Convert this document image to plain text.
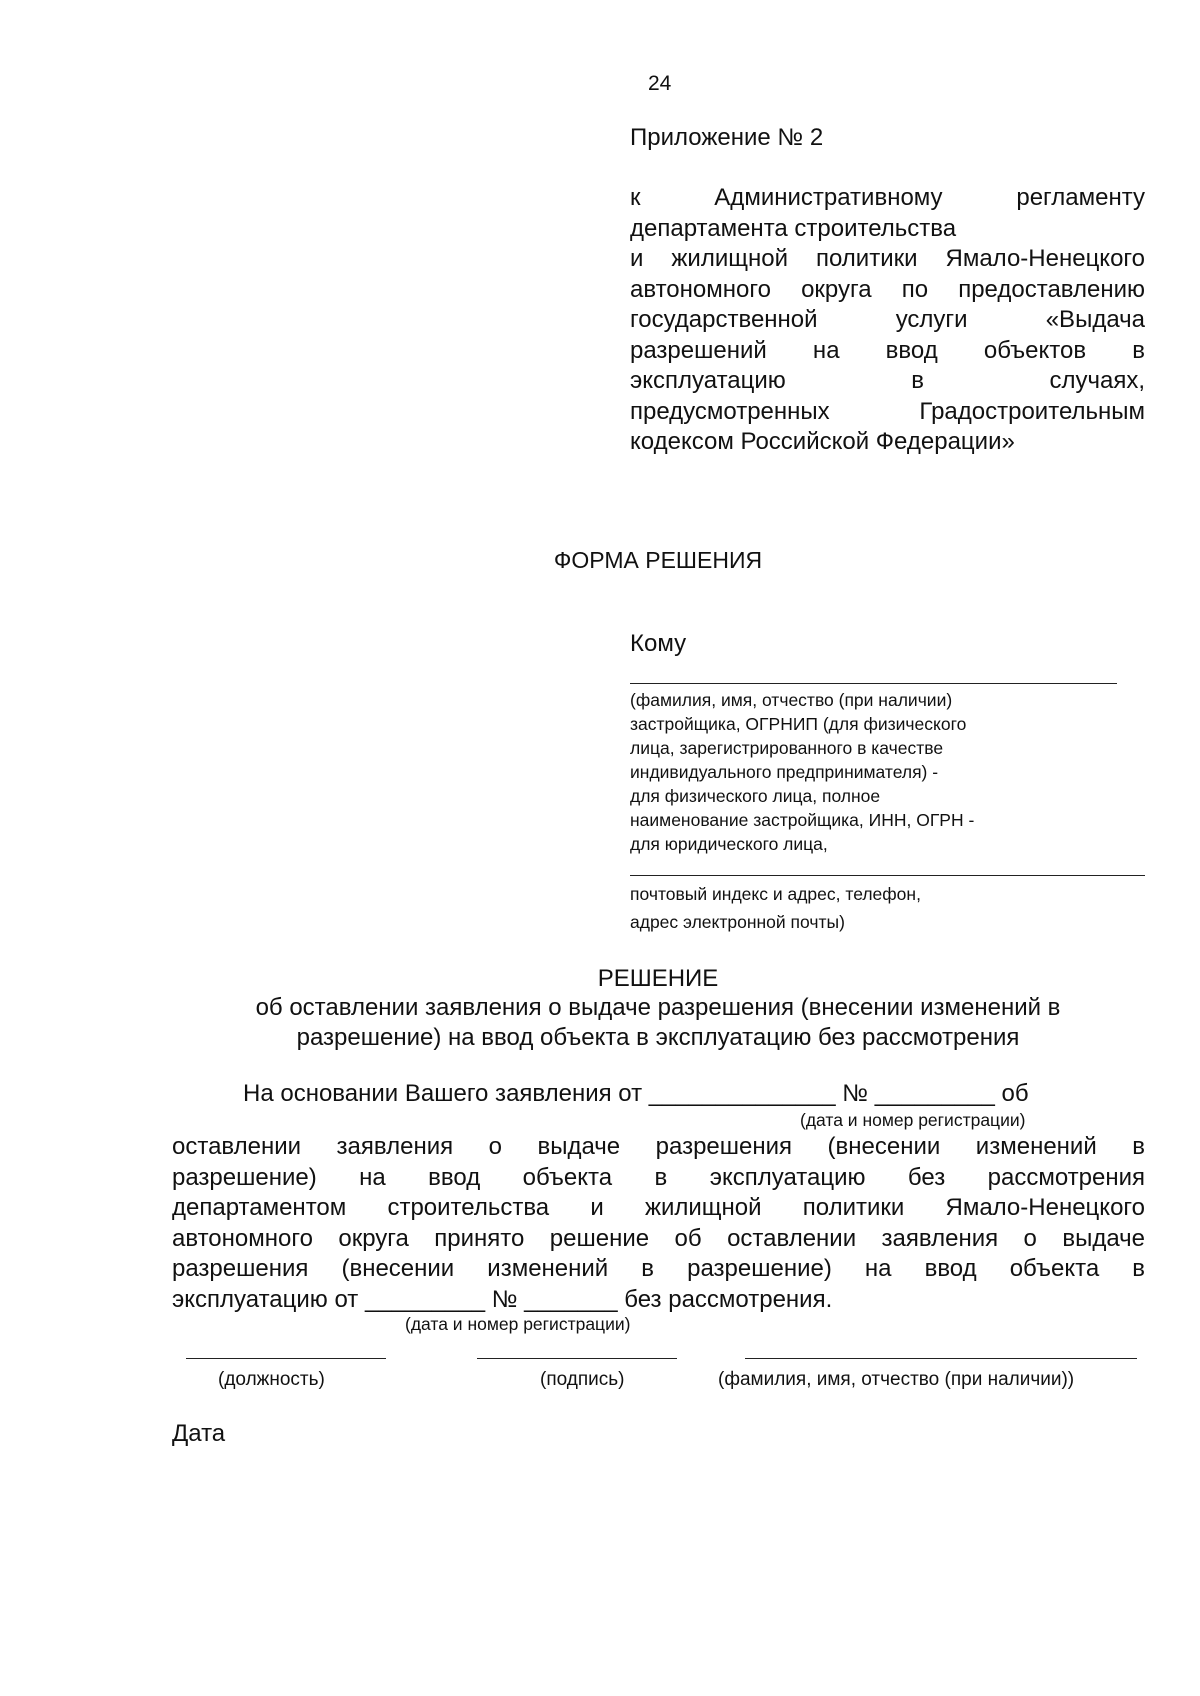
24
Приложение № 2
к Административному регламенту
департамента строительства
и жилищной политики Ямало-Ненецкого
автономного округа по предоставлению
государственной услуги «Выдача
разрешений на ввод объектов в
эксплуатацию в случаях,
предусмотренных Градостроительным
кодексом Российской Федерации»
ФОРМА РЕШЕНИЯ
Кому
(фамилия, имя, отчество (при наличии)
застройщика, ОГРНИП (для физического
лица, зарегистрированного в качестве
индивидуального предпринимателя) -
для физического лица, полное
наименование застройщика, ИНН, ОГРН -
для юридического лица,
почтовый индекс и адрес, телефон,
адрес электронной почты)
РЕШЕНИЕ
об оставлении заявления о выдаче разрешения (внесении изменений в
разрешение) на ввод объекта в эксплуатацию без рассмотрения
На основании Вашего заявления от ______________ № _________ об
(дата и номер регистрации)
оставлении заявления о выдаче разрешения (внесении изменений в
разрешение) на ввод объекта в эксплуатацию без рассмотрения
департаментом строительства и жилищной политики Ямало-Ненецкого
автономного округа принято решение об оставлении заявления о выдаче
разрешения (внесении изменений в разрешение) на ввод объекта в
эксплуатацию от _________ № _______ без рассмотрения.
(дата и номер регистрации)
(должность)	(подпись)	(фамилия, имя, отчество (при наличии))
Дата
